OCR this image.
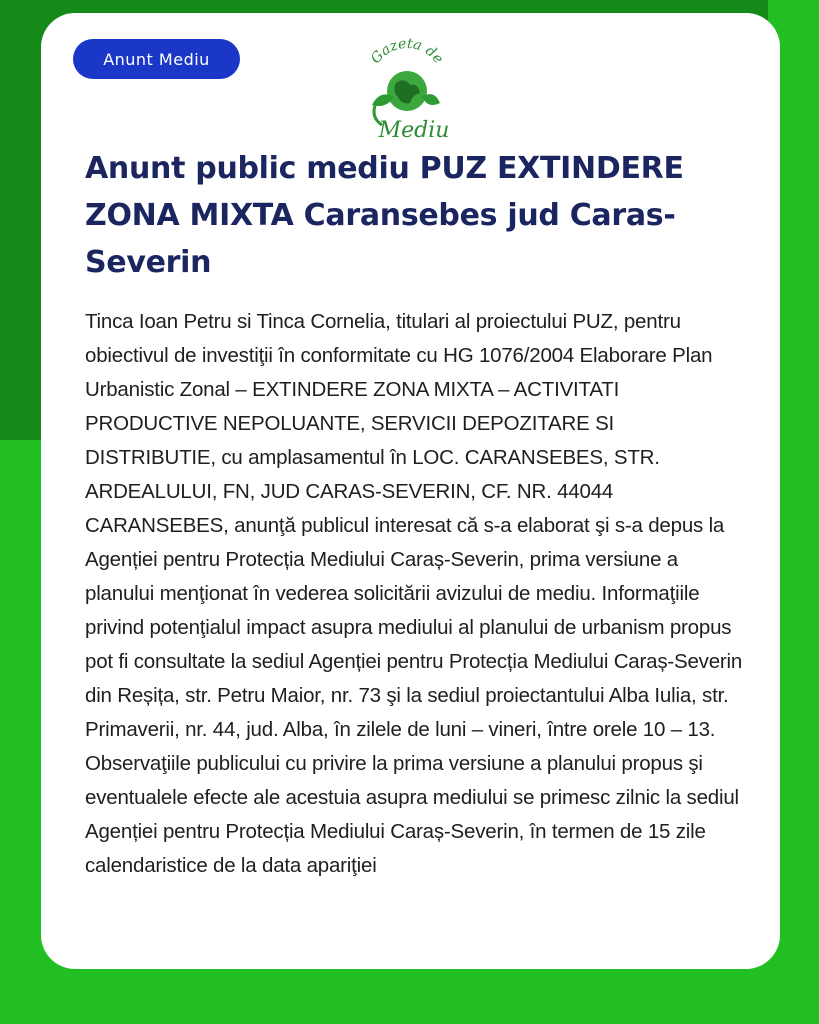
Anunt Mediu	Gazeta de
Mediu
Anunt public mediu PUZ EXTINDERE ZONA MIXTA Caransebes jud Caras-Severin

Tinca Ioan Petru si Tinca Cornelia, titulari al proiectului PUZ, pentru obiectivul de investiţii în conformitate cu HG 1076/2004 Elaborare Plan Urbanistic Zonal – EXTINDERE ZONA MIXTA – ACTIVITATI PRODUCTIVE NEPOLUANTE, SERVICII DEPOZITARE SI DISTRIBUTIE, cu amplasamentul în LOC. CARANSEBES, STR. ARDEALULUI, FN, JUD CARAS-SEVERIN, CF. NR. 44044 CARANSEBES, anunţă publicul interesat că s-a elaborat şi s-a depus la Agenției pentru Protecția Mediului Caraș-Severin, prima versiune a planului menţionat în vederea solicitării avizului de mediu. Informaţiile privind potenţialul impact asupra mediului al planului de urbanism propus pot fi consultate la sediul Agenției pentru Protecția Mediului Caraș-Severin din Reșița, str. Petru Maior, nr. 73 şi la sediul proiectantului Alba Iulia, str. Primaverii, nr. 44, jud. Alba, în zilele de luni – vineri, între orele 10 – 13. Observaţiile publicului cu privire la prima versiune a planului propus şi eventualele efecte ale acestuia asupra mediului se primesc zilnic la sediul Agenției pentru Protecția Mediului Caraș-Severin, în termen de 15 zile calendaristice de la data apariţiei
